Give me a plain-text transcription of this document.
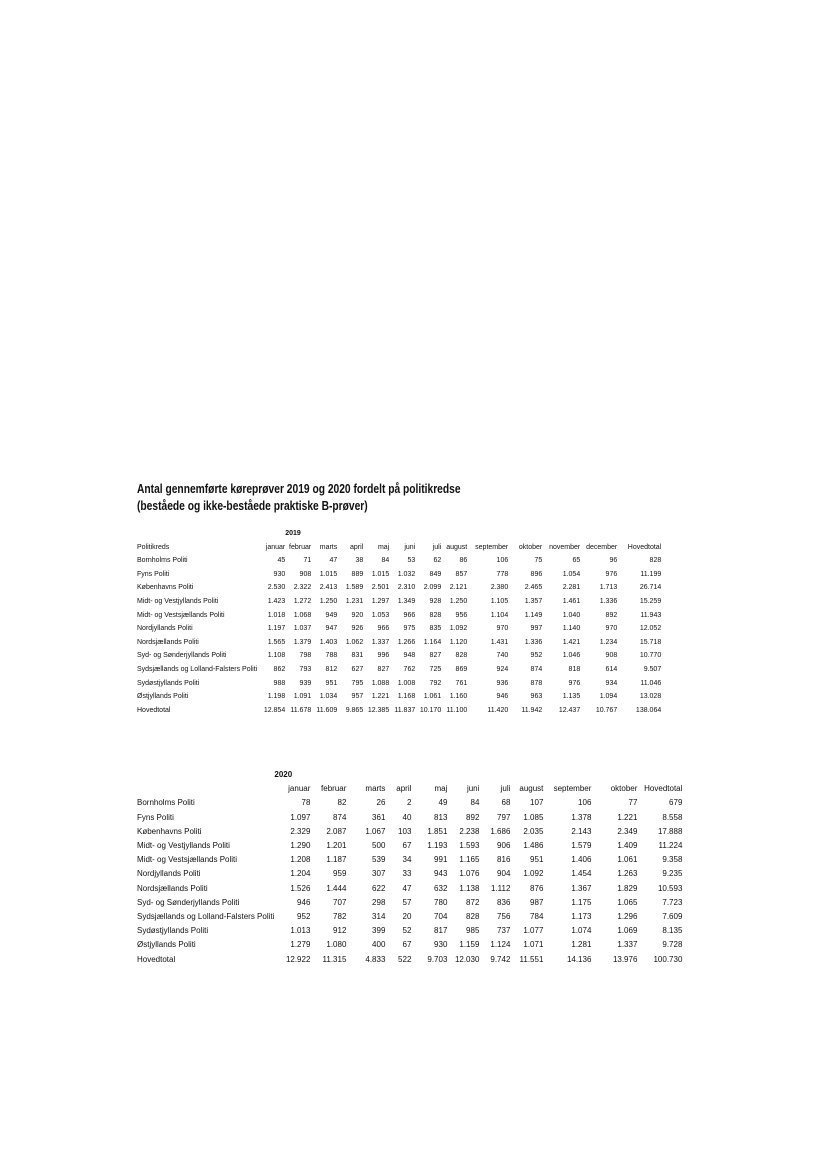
Antal gennemførte køreprøver 2019 og 2020 fordelt på politikredse
(beståede og ikke-beståede praktiske B-prøver)
		2019											
Politikreds	januar	februar	marts	april	maj	juni	juli	august	september	oktober	november	december	Hovedtotal
Bornholms Politi	45	71	47	38	84	53	62	86	106	75	65	96	828
Fyns Politi	930	908	1.015	889	1.015	1.032	849	857	778	896	1.054	976	11.199
Københavns Politi	2.530	2.322	2.413	1.589	2.501	2.310	2.099	2.121	2.380	2.465	2.281	1.713	26.714
Midt- og Vestjyllands Politi	1.423	1.272	1.250	1.231	1.297	1.349	928	1.250	1.105	1.357	1.461	1.336	15.259
Midt- og Vestsjællands Politi	1.018	1.068	949	920	1.053	966	828	956	1.104	1.149	1.040	892	11.943
Nordjyllands Politi	1.197	1.037	947	926	966	975	835	1.092	970	997	1.140	970	12.052
Nordsjællands Politi	1.565	1.379	1.403	1.062	1.337	1.266	1.164	1.120	1.431	1.336	1.421	1.234	15.718
Syd- og Sønderjyllands Politi	1.108	798	788	831	996	948	827	828	740	952	1.046	908	10.770
Sydsjællands og Lolland-Falsters Politi	862	793	812	627	827	762	725	869	924	874	818	614	9.507
Sydøstjyllands Politi	988	939	951	795	1.088	1.008	792	761	936	878	976	934	11.046
Østjyllands Politi	1.198	1.091	1.034	957	1.221	1.168	1.061	1.160	946	963	1.135	1.094	13.028
Hovedtotal	12.854	11.678	11.609	9.865	12.385	11.837	10.170	11.100	11.420	11.942	12.437	10.767	138.064
	2020										
	januar	februar	marts	april	maj	juni	juli	august	september	oktober	Hovedtotal
Bornholms Politi	78	82	26	2	49	84	68	107	106	77	679
Fyns Politi	1.097	874	361	40	813	892	797	1.085	1.378	1.221	8.558
Københavns Politi	2.329	2.087	1.067	103	1.851	2.238	1.686	2.035	2.143	2.349	17.888
Midt- og Vestjyllands Politi	1.290	1.201	500	67	1.193	1.593	906	1.486	1.579	1.409	11.224
Midt- og Vestsjællands Politi	1.208	1.187	539	34	991	1.165	816	951	1.406	1.061	9.358
Nordjyllands Politi	1.204	959	307	33	943	1.076	904	1.092	1.454	1.263	9.235
Nordsjællands Politi	1.526	1.444	622	47	632	1.138	1.112	876	1.367	1.829	10.593
Syd- og Sønderjyllands Politi	946	707	298	57	780	872	836	987	1.175	1.065	7.723
Sydsjællands og Lolland-Falsters Politi	952	782	314	20	704	828	756	784	1.173	1.296	7.609
Sydøstjyllands Politi	1.013	912	399	52	817	985	737	1.077	1.074	1.069	8.135
Østjyllands Politi	1.279	1.080	400	67	930	1.159	1.124	1.071	1.281	1.337	9.728
Hovedtotal	12.922	11.315	4.833	522	9.703	12.030	9.742	11.551	14.136	13.976	100.730
